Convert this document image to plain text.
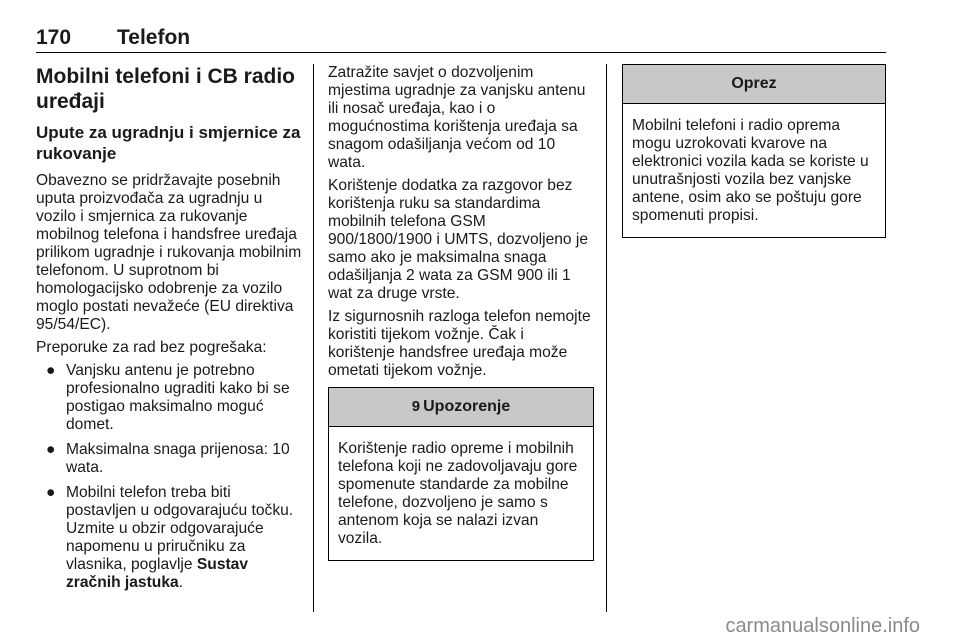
170 Telefon
Mobilni telefoni i CB radio uređaji
Upute za ugradnju i smjernice za rukovanje

Obavezno se pridržavajte posebnih uputa proizvođača za ugradnju u vozilo i smjernica za rukovanje mobilnog telefona i handsfree uređaja prilikom ugradnje i rukovanja mobilnim telefonom. U suprotnom bi homologacijsko odobrenje za vozilo moglo postati nevažeće (EU direktiva 95/54/EC).

Preporuke za rad bez pogrešaka:

● Vanjsku antenu je potrebno profesionalno ugraditi kako bi se postigao maksimalno moguć domet.
● Maksimalna snaga prijenosa: 10 wata.
● Mobilni telefon treba biti postavljen u odgovarajuću točku. Uzmite u obzir odgovarajuće napomenu u priručniku za vlasnika, poglavlje Sustav zračnih jastuka.

Zatražite savjet o dozvoljenim mjestima ugradnje za vanjsku antenu ili nosač uređaja, kao i o mogućnostima korištenja uređaja sa snagom odašiljanja većom od 10 wata.

Korištenje dodatka za razgovor bez korištenja ruku sa standardima mobilnih telefona GSM 900/1800/1900 i UMTS, dozvoljeno je samo ako je maksimalna snaga odašiljanja 2 wata za GSM 900 ili 1 wat za druge vrste.

Iz sigurnosnih razloga telefon nemojte koristiti tijekom vožnje. Čak i korištenje handsfree uređaja može ometati tijekom vožnje.

9 Upozorenje
Korištenje radio opreme i mobilnih telefona koji ne zadovoljavaju gore spomenute standarde za mobilne telefone, dozvoljeno je samo s antenom koja se nalazi izvan vozila.
Oprez
Mobilni telefoni i radio oprema mogu uzrokovati kvarove na elektronici vozila kada se koriste u unutrašnjosti vozila bez vanjske antene, osim ako se poštuju gore spomenuti propisi.
carmanualsonline.info
